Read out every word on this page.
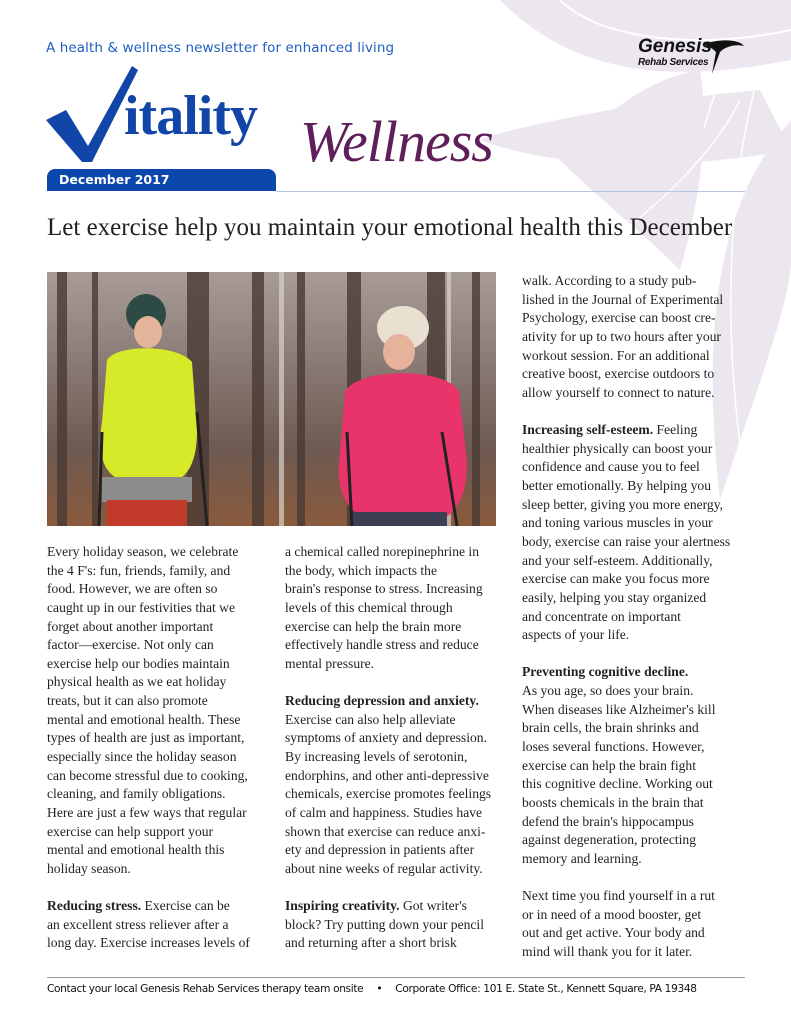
A health & wellness newsletter for enhanced living	Genesis
Rehab Services
itality Wellness
December 2017
Let exercise help you maintain your emotional health this December
Every holiday season, we celebrate
the 4 F's: fun, friends, family, and
food. However, we are often so
caught up in our festivities that we
forget about another important
factor—exercise. Not only can
exercise help our bodies maintain
physical health as we eat holiday
treats, but it can also promote
mental and emotional health. These
types of health are just as important,
especially since the holiday season
can become stressful due to cooking,
cleaning, and family obligations.
Here are just a few ways that regular
exercise can help support your
mental and emotional health this
holiday season.
Reducing stress. Exercise can be
an excellent stress reliever after a
long day. Exercise increases levels of
a chemical called norepinephrine in
the body, which impacts the
brain's response to stress. Increasing
levels of this chemical through
exercise can help the brain more
effectively handle stress and reduce
mental pressure.
Reducing depression and anxiety.
Exercise can also help alleviate
symptoms of anxiety and depression.
By increasing levels of serotonin,
endorphins, and other anti-depressive
chemicals, exercise promotes feelings
of calm and happiness. Studies have
shown that exercise can reduce anxi-
ety and depression in patients after
about nine weeks of regular activity.
Inspiring creativity. Got writer's
block? Try putting down your pencil
and returning after a short brisk
walk. According to a study pub-
lished in the Journal of Experimental
Psychology, exercise can boost cre-
ativity for up to two hours after your
workout session. For an additional
creative boost, exercise outdoors to
allow yourself to connect to nature.
Increasing self-esteem. Feeling
healthier physically can boost your
confidence and cause you to feel
better emotionally. By helping you
sleep better, giving you more energy,
and toning various muscles in your
body, exercise can raise your alertness
and your self-esteem. Additionally,
exercise can make you focus more
easily, helping you stay organized
and concentrate on important
aspects of your life.
Preventing cognitive decline.
As you age, so does your brain.
When diseases like Alzheimer's kill
brain cells, the brain shrinks and
loses several functions. However,
exercise can help the brain fight
this cognitive decline. Working out
boosts chemicals in the brain that
defend the brain's hippocampus
against degeneration, protecting
memory and learning.
Next time you find yourself in a rut
or in need of a mood booster, get
out and get active. Your body and
mind will thank you for it later.
Contact your local Genesis Rehab Services therapy team onsite • Corporate Office: 101 E. State St., Kennett Square, PA 19348
